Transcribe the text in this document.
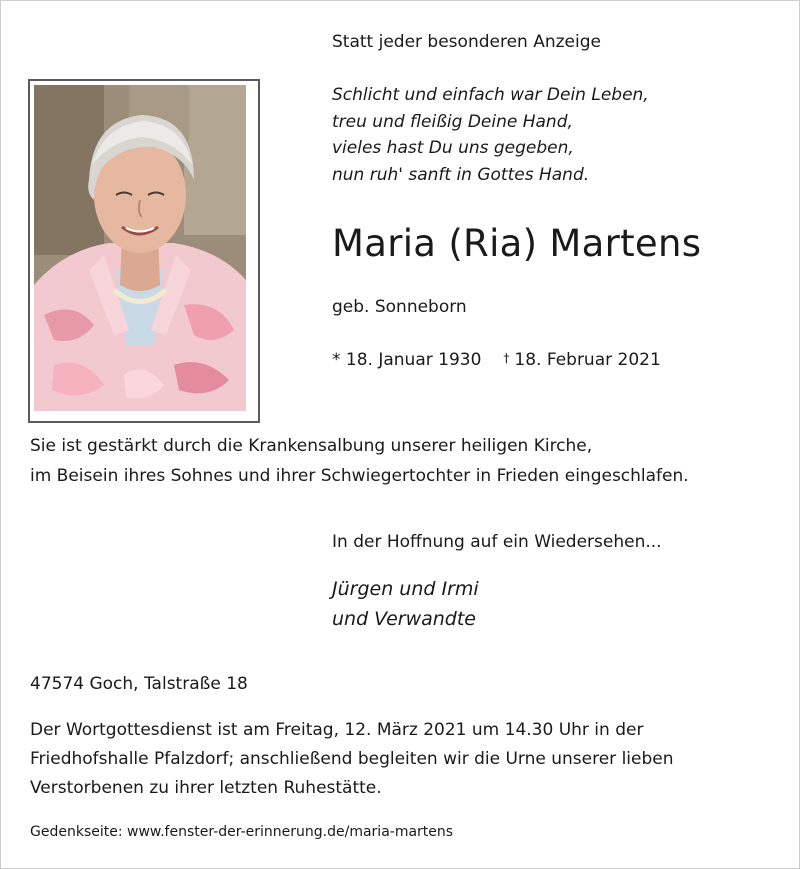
Statt jeder besonderen Anzeige
Schlicht und einfach war Dein Leben,
treu und fleißig Deine Hand,
vieles hast Du uns gegeben,
nun ruh' sanft in Gottes Hand.
Maria (Ria) Martens
geb. Sonneborn
* 18. Januar 1930 † 18. Februar 2021
Sie ist gestärkt durch die Krankensalbung unserer heiligen Kirche,
im Beisein ihres Sohnes und ihrer Schwiegertochter in Frieden eingeschlafen.
In der Hoffnung auf ein Wiedersehen...
Jürgen und Irmi
und Verwandte
47574 Goch, Talstraße 18
Der Wortgottesdienst ist am Freitag, 12. März 2021 um 14.30 Uhr in der
Friedhofshalle Pfalzdorf; anschließend begleiten wir die Urne unserer lieben
Verstorbenen zu ihrer letzten Ruhestätte.
Gedenkseite: www.fenster-der-erinnerung.de/maria-martens
